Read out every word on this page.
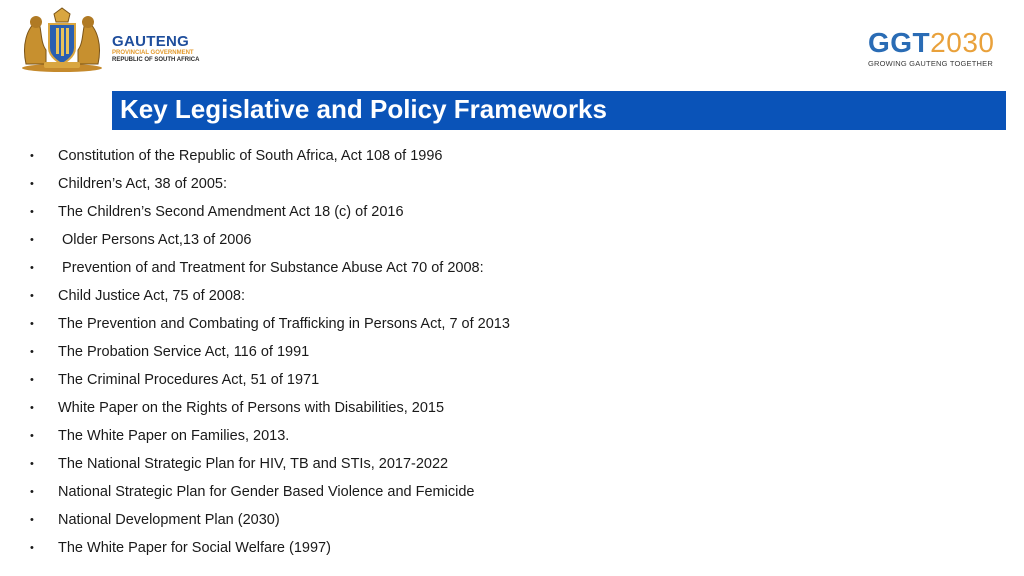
GAUTENG
PROVINCIAL GOVERNMENT
REPUBLIC OF SOUTH AFRICA
GGT2030
GROWING GAUTENG TOGETHER
Key Legislative and Policy Frameworks
• Constitution of the Republic of South Africa, Act 108 of 1996
• Children’s Act, 38 of 2005:
• The Children’s Second Amendment Act 18 (c) of 2016
• Older Persons Act,13 of 2006
• Prevention of and Treatment for Substance Abuse Act 70 of 2008:
• Child Justice Act, 75 of 2008:
• The Prevention and Combating of Trafficking in Persons Act, 7 of 2013
• The Probation Service Act, 116 of 1991
• The Criminal Procedures Act, 51 of 1971
• White Paper on the Rights of Persons with Disabilities, 2015
• The White Paper on Families, 2013.
• The National Strategic Plan for HIV, TB and STIs, 2017-2022
• National Strategic Plan for Gender Based Violence and Femicide
• National Development Plan (2030)
• The White Paper for Social Welfare (1997)
